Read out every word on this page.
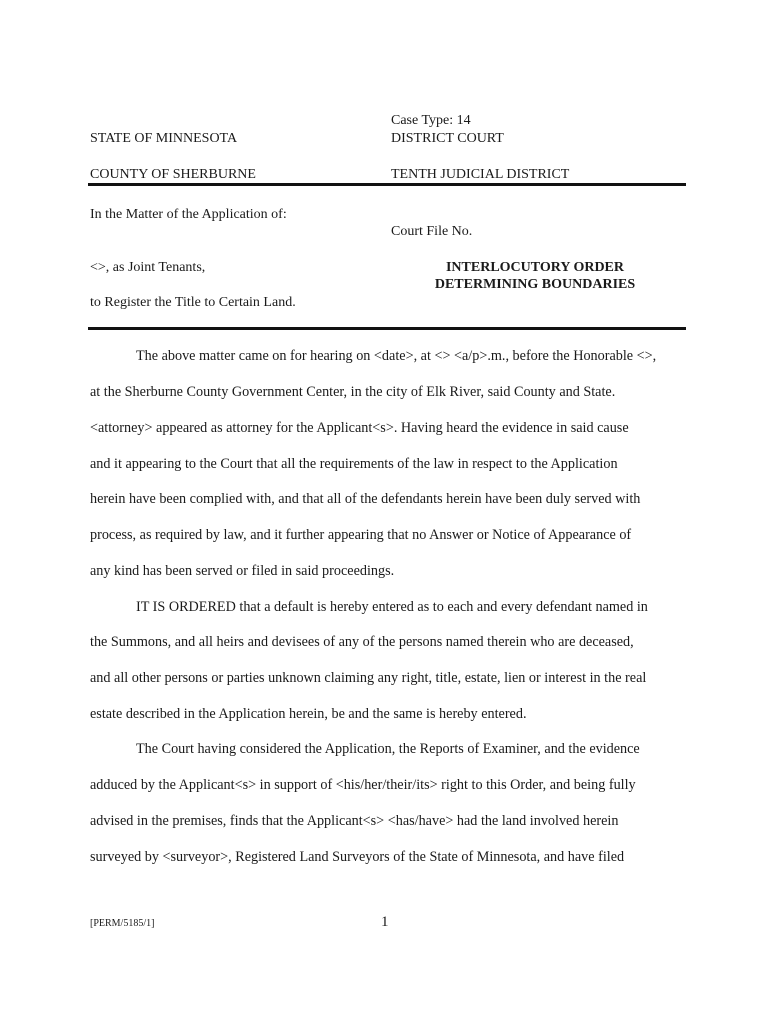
Case Type: 14
STATE OF MINNESOTA	DISTRICT COURT
COUNTY OF SHERBURNE	TENTH JUDICIAL DISTRICT
In the Matter of the Application of:
Court File No.
<>, as Joint Tenants,	INTERLOCUTORY ORDER
DETERMINING BOUNDARIES
to Register the Title to Certain Land.
The above matter came on for hearing on <date>, at <> <a/p>.m., before the Honorable <>,
at the Sherburne County Government Center, in the city of Elk River, said County and State.
<attorney> appeared as attorney for the Applicant<s>. Having heard the evidence in said cause
and it appearing to the Court that all the requirements of the law in respect to the Application
herein have been complied with, and that all of the defendants herein have been duly served with
process, as required by law, and it further appearing that no Answer or Notice of Appearance of
any kind has been served or filed in said proceedings.
IT IS ORDERED that a default is hereby entered as to each and every defendant named in
the Summons, and all heirs and devisees of any of the persons named therein who are deceased,
and all other persons or parties unknown claiming any right, title, estate, lien or interest in the real
estate described in the Application herein, be and the same is hereby entered.
The Court having considered the Application, the Reports of Examiner, and the evidence
adduced by the Applicant<s> in support of <his/her/their/its> right to this Order, and being fully
advised in the premises, finds that the Applicant<s> <has/have> had the land involved herein
surveyed by <surveyor>, Registered Land Surveyors of the State of Minnesota, and have filed
[PERM/5185/1]	1
